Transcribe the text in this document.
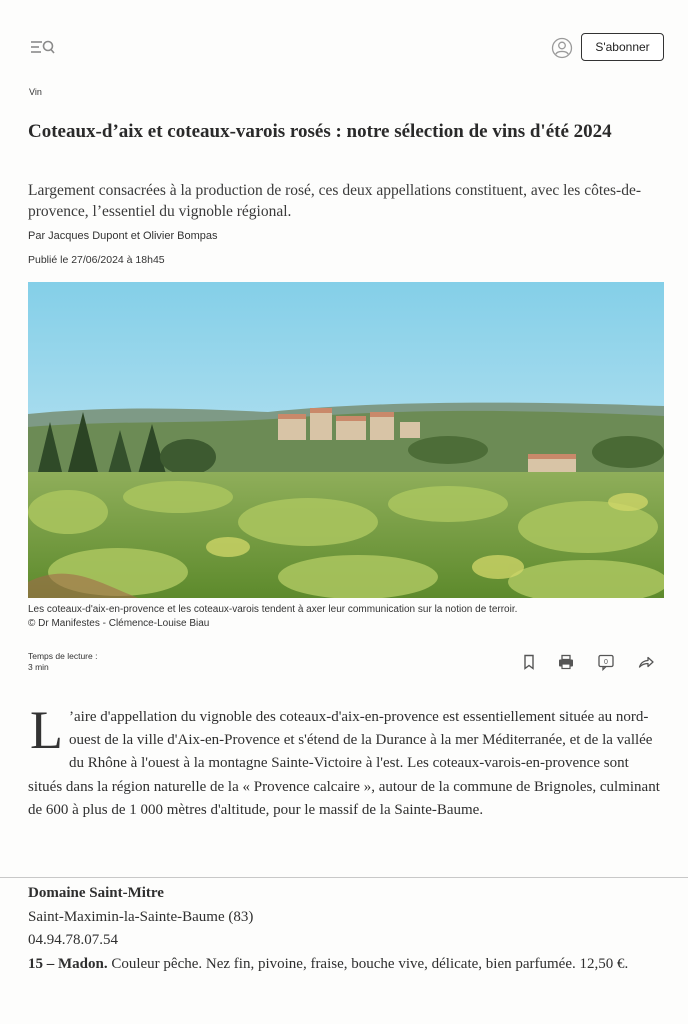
S'abonner
Vin
Coteaux-d’aix et coteaux-varois rosés : notre sélection de vins d'été 2024

Largement consacrées à la production de rosé, ces deux appellations constituent, avec les côtes-de-provence, l’essentiel du vignoble régional.

Par Jacques Dupont et Olivier Bompas
Publié le 27/06/2024 à 18h45
Les coteaux-d'aix-en-provence et les coteaux-varois tendent à axer leur communication sur la notion de terroir.
© Dr Manifestes - Clémence-Louise Biau
Temps de lecture :
3 min	0
L ’aire d'appellation du vignoble des coteaux-d'aix-en-provence est essentiellement située au nord-ouest de la ville d'Aix-en-Provence et s'étend de la Durance à la mer Méditerranée, et de la vallée du Rhône à l'ouest à la montagne Sainte-Victoire à l'est. Les coteaux-varois-en-provence sont situés dans la région naturelle de la « Provence calcaire », autour de la commune de Brignoles, culminant de 600 à plus de 1 000 mètres d'altitude, pour le massif de la Sainte-Baume.
Domaine Saint-Mitre
Saint-Maximin-la-Sainte-Baume (83)
04.94.78.07.54
15 – Madon. Couleur pêche. Nez fin, pivoine, fraise, bouche vive, délicate, bien parfumée. 12,50 €.
